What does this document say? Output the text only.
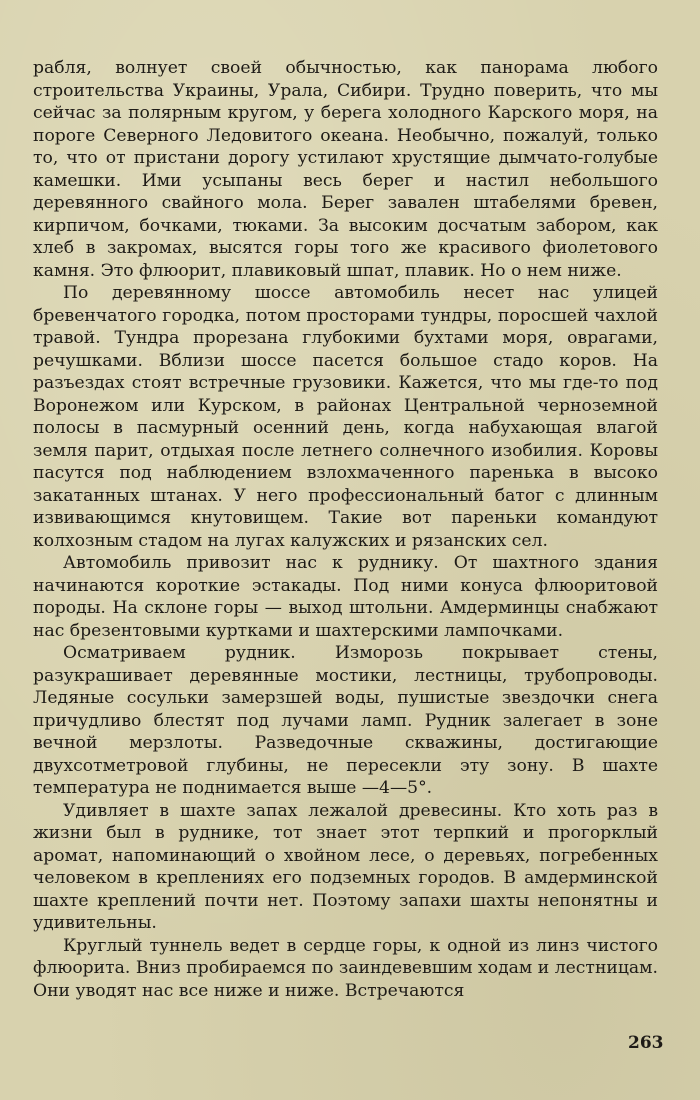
рабля, волнует своей обычностью, как панорама любого строительства Украины, Урала, Сибири. Трудно поверить, что мы сейчас за полярным кругом, у берега холодного Карского моря, на пороге Северного Ледовитого океана. Необычно, пожалуй, только то, что от пристани дорогу устилают хрустящие дымчато-голубые камешки. Ими усыпаны весь берег и настил небольшого деревянного свайного мола. Берег завален штабелями бревен, кирпичом, бочками, тюками. За высоким досчатым забором, как хлеб в закромах, высятся горы того же красивого фиолетового камня. Это флюорит, плавиковый шпат, плавик. Но о нем ниже.

По деревянному шоссе автомобиль несет нас улицей бревенчатого городка, потом просторами тундры, поросшей чахлой травой. Тундра прорезана глубокими бухтами моря, оврагами, речушками. Вблизи шоссе пасется большое стадо коров. На разъездах стоят встречные грузовики. Кажется, что мы где-то под Воронежом или Курском, в районах Центральной черноземной полосы в пасмурный осенний день, когда набухающая влагой земля парит, отдыхая после летнего солнечного изобилия. Коровы пасутся под наблюдением взлохмаченного паренька в высоко закатанных штанах. У него профессиональный батог с длинным извивающимся кнутовищем. Такие вот пареньки командуют колхозным стадом на лугах калужских и рязанских сел.

Автомобиль привозит нас к руднику. От шахтного здания начинаются короткие эстакады. Под ними конуса флюоритовой породы. На склоне горы — выход штольни. Амдерминцы снабжают нас брезентовыми куртками и шахтерскими лампочками.

Осматриваем рудник. Изморозь покрывает стены, разукрашивает деревянные мостики, лестницы, трубопроводы. Ледяные сосульки замерзшей воды, пушистые звездочки снега причудливо блестят под лучами ламп. Рудник залегает в зоне вечной мерзлоты. Разведочные скважины, достигающие двухсотметровой глубины, не пересекли эту зону. В шахте температура не поднимается выше —4—5°.

Удивляет в шахте запах лежалой древесины. Кто хоть раз в жизни был в руднике, тот знает этот терпкий и прогорклый аромат, напоминающий о хвойном лесе, о деревьях, погребенных человеком в креплениях его подземных городов. В амдерминской шахте креплений почти нет. Поэтому запахи шахты непонятны и удивительны.

Круглый туннель ведет в сердце горы, к одной из линз чистого флюорита. Вниз пробираемся по заиндевевшим ходам и лестницам. Они уводят нас все ниже и ниже. Встречаются

263
